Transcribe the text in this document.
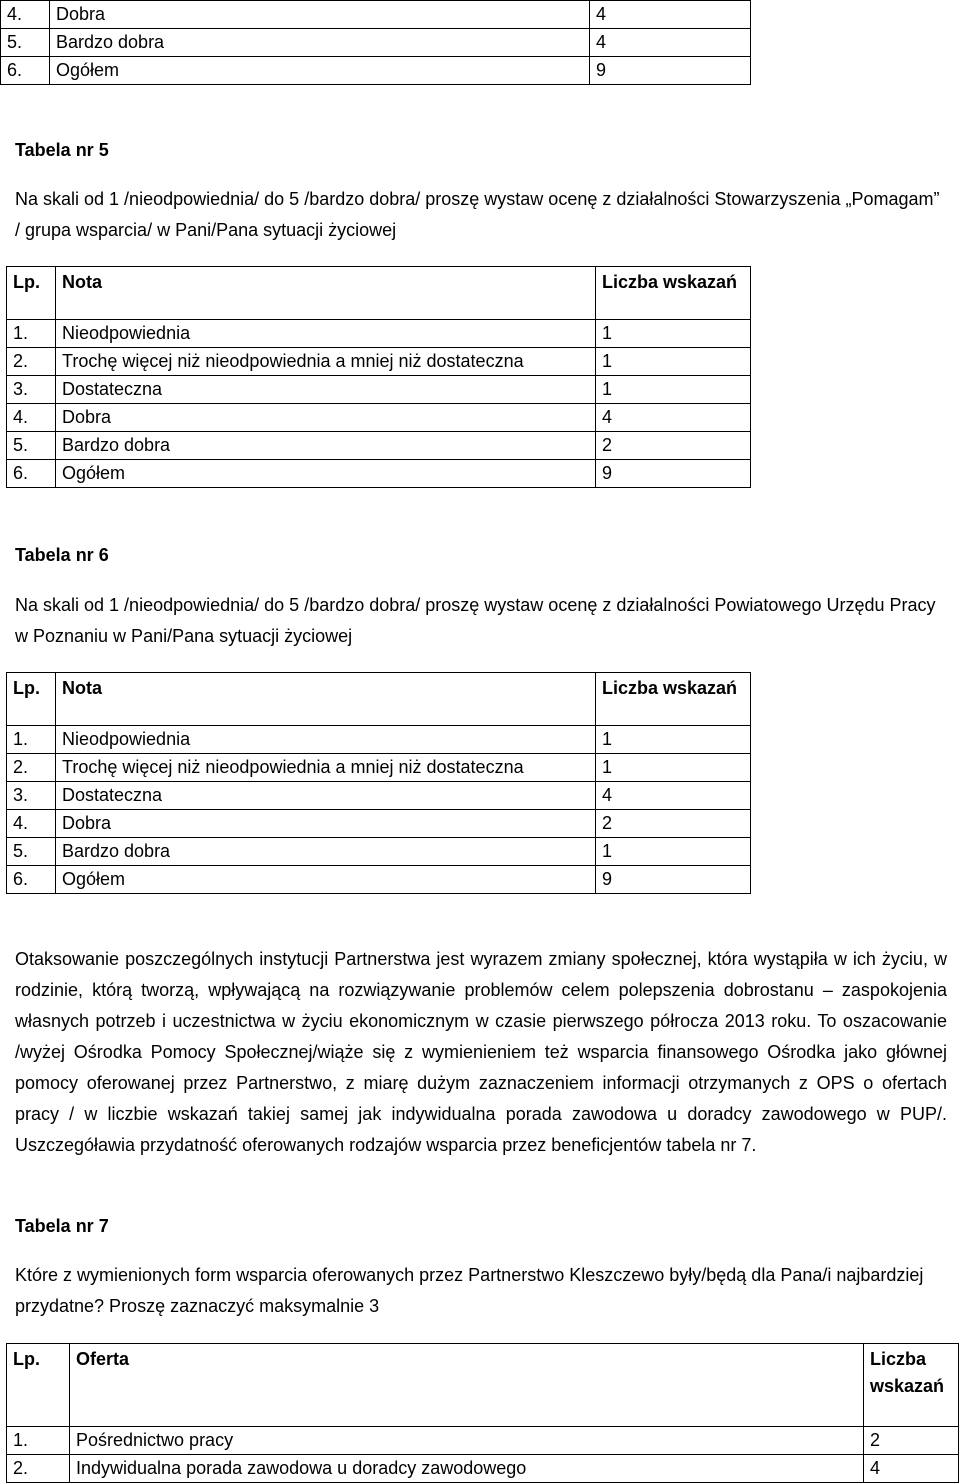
4.	Dobra	4
5.	Bardzo dobra	4
6.	Ogółem	9
Tabela nr 5
Na skali od 1 /nieodpowiednia/ do 5 /bardzo dobra/ proszę wystaw ocenę z działalności Stowarzyszenia „Pomagam” / grupa wsparcia/ w Pani/Pana sytuacji życiowej
Lp.	Nota	Liczba wskazań
1.	Nieodpowiednia	1
2.	Trochę więcej niż nieodpowiednia a mniej niż dostateczna	1
3.	Dostateczna	1
4.	Dobra	4
5.	Bardzo dobra	2
6.	Ogółem	9
Tabela nr 6
Na skali od 1 /nieodpowiednia/ do 5 /bardzo dobra/ proszę wystaw ocenę z działalności Powiatowego Urzędu Pracy w Poznaniu w Pani/Pana sytuacji życiowej
Lp.	Nota	Liczba wskazań
1.	Nieodpowiednia	1
2.	Trochę więcej niż nieodpowiednia a mniej niż dostateczna	1
3.	Dostateczna	4
4.	Dobra	2
5.	Bardzo dobra	1
6.	Ogółem	9
Otaksowanie poszczególnych instytucji Partnerstwa jest wyrazem zmiany społecznej, która wystąpiła w ich życiu, w rodzinie, którą tworzą, wpływającą na rozwiązywanie problemów celem polepszenia dobrostanu – zaspokojenia własnych potrzeb i uczestnictwa w życiu ekonomicznym w czasie pierwszego półrocza 2013 roku. To oszacowanie /wyżej Ośrodka Pomocy Społecznej/wiąże się z wymienieniem też wsparcia finansowego Ośrodka jako głównej pomocy oferowanej przez Partnerstwo, z miarę dużym zaznaczeniem informacji otrzymanych z OPS o ofertach pracy / w liczbie wskazań takiej samej jak indywidualna porada zawodowa u doradcy zawodowego w PUP/. Uszczegóławia przydatność oferowanych rodzajów wsparcia przez beneficjentów tabela nr 7.
Tabela nr 7
Które z wymienionych form wsparcia oferowanych przez Partnerstwo Kleszczewo były/będą dla Pana/i najbardziej przydatne? Proszę zaznaczyć maksymalnie 3
Lp.	Oferta	Liczba wskazań
1.	Pośrednictwo pracy	2
2.	Indywidualna porada zawodowa u doradcy zawodowego	4
